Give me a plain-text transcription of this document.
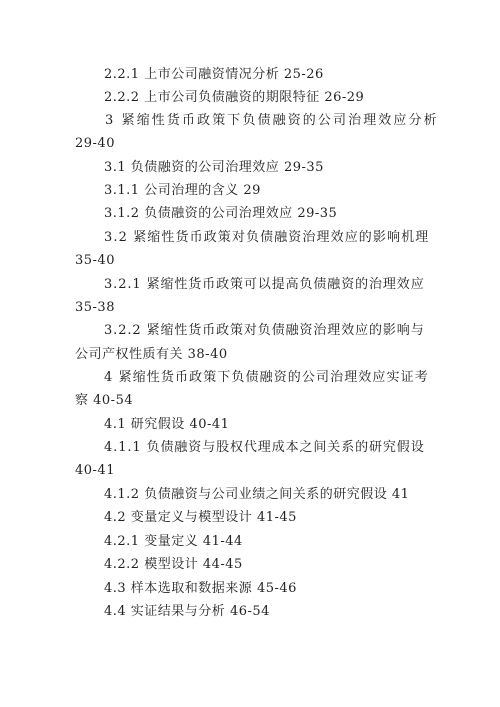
2.2.1 上市公司融资情况分析 25-26
2.2.2 上市公司负债融资的期限特征 26-29
3 紧缩性货币政策下负债融资的公司治理效应分析
29-40
3.1 负债融资的公司治理效应 29-35
3.1.1 公司治理的含义 29
3.1.2 负债融资的公司治理效应 29-35
3.2 紧缩性货币政策对负债融资治理效应的影响机理
35-40
3.2.1 紧缩性货币政策可以提高负债融资的治理效应
35-38
3.2.2 紧缩性货币政策对负债融资治理效应的影响与
公司产权性质有关 38-40
4 紧缩性货币政策下负债融资的公司治理效应实证考
察 40-54
4.1 研究假设 40-41
4.1.1 负债融资与股权代理成本之间关系的研究假设
40-41
4.1.2 负债融资与公司业绩之间关系的研究假设 41
4.2 变量定义与模型设计 41-45
4.2.1 变量定义 41-44
4.2.2 模型设计 44-45
4.3 样本选取和数据来源 45-46
4.4 实证结果与分析 46-54
